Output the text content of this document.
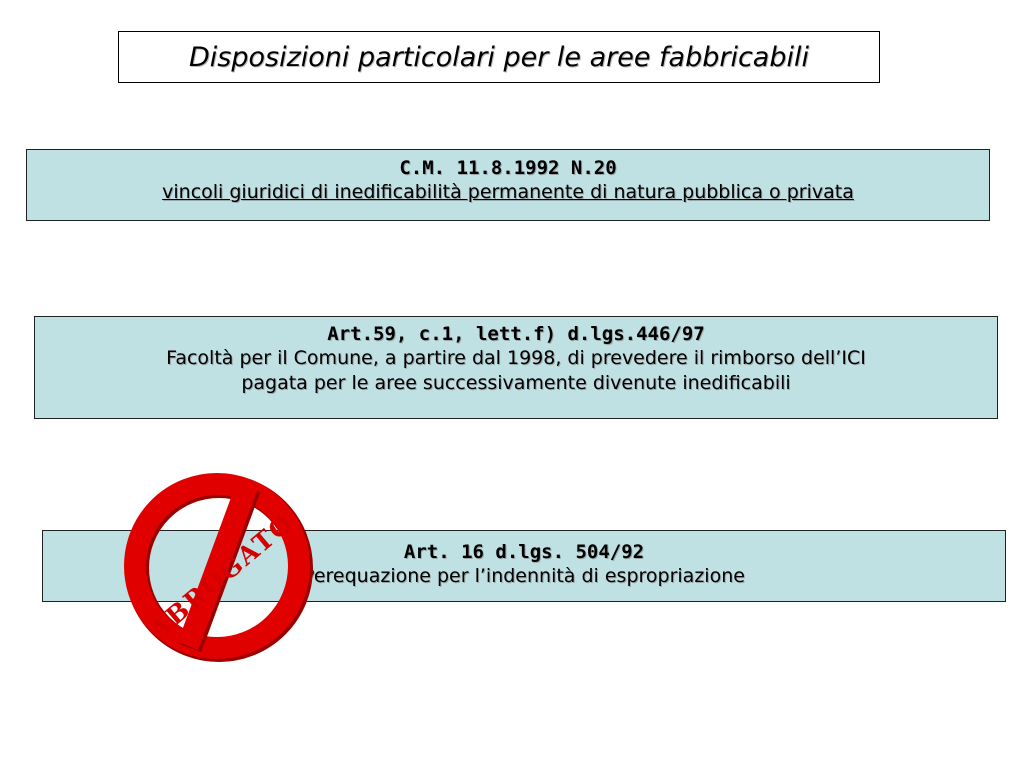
Disposizioni particolari per le aree fabbricabili
C.M. 11.8.1992 N.20
vincoli giuridici di inedificabilità permanente di natura pubblica o privata
Art.59, c.1, lett.f) d.lgs.446/97
Facoltà per il Comune, a partire dal 1998, di prevedere il rimborso dell’ICI
pagata per le aree successivamente divenute inedificabili
Art. 16 d.lgs. 504/92
Perequazione per l’indennità di espropriazione
ABROGATO
